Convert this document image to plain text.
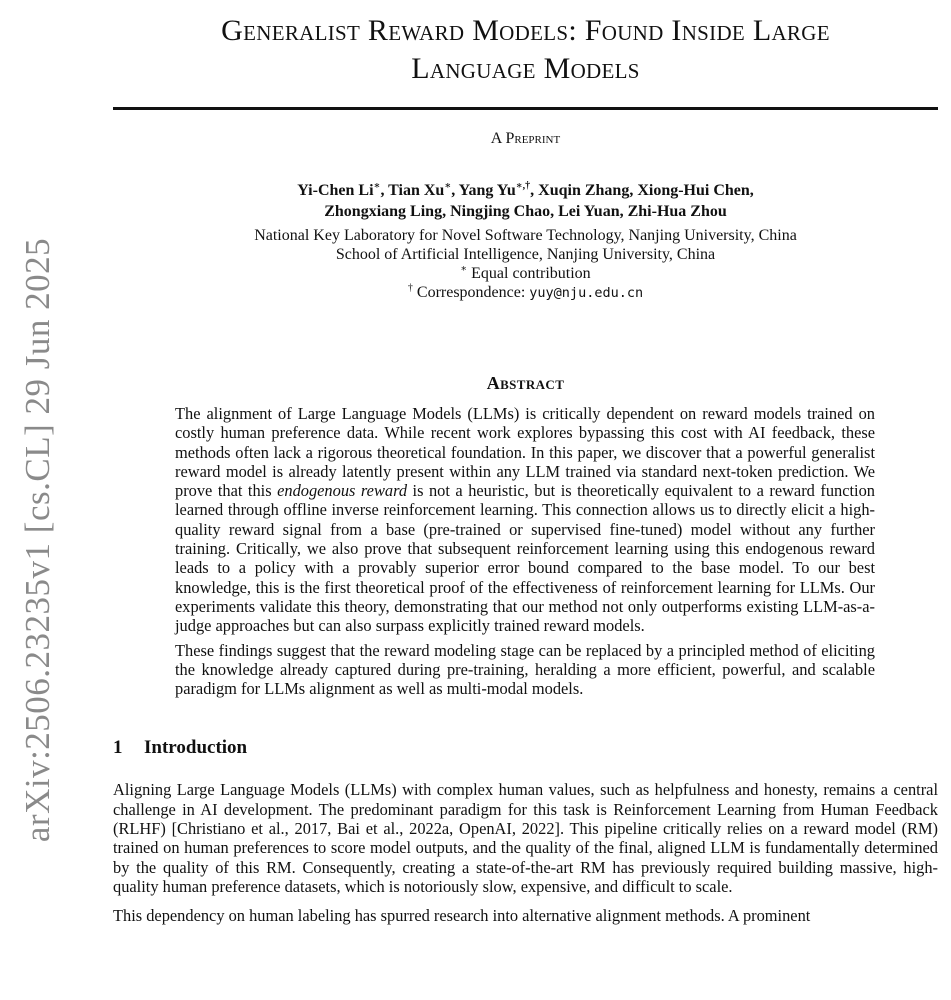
arXiv:2506.23235v1 [cs.CL] 29 Jun 2025
Generalist Reward Models: Found Inside Large
Language Models
A Preprint
Yi-Chen Li∗, Tian Xu∗, Yang Yu∗,†, Xuqin Zhang, Xiong-Hui Chen,
Zhongxiang Ling, Ningjing Chao, Lei Yuan, Zhi-Hua Zhou
National Key Laboratory for Novel Software Technology, Nanjing University, China
School of Artificial Intelligence, Nanjing University, China
∗ Equal contribution
† Correspondence: yuy@nju.edu.cn
Abstract

The alignment of Large Language Models (LLMs) is critically dependent on reward models trained on costly human preference data. While recent work explores bypassing this cost with AI feedback, these methods often lack a rigorous theoretical foundation. In this paper, we discover that a powerful generalist reward model is already latently present within any LLM trained via standard next-token prediction. We prove that this endogenous reward is not a heuristic, but is theoretically equivalent to a reward function learned through offline inverse reinforcement learning. This connection allows us to directly elicit a high-quality reward signal from a base (pre-trained or supervised fine-tuned) model without any further training. Critically, we also prove that subsequent reinforcement learning using this endogenous reward leads to a policy with a provably superior error bound compared to the base model. To our best knowledge, this is the first theoretical proof of the effectiveness of reinforcement learning for LLMs. Our experiments validate this theory, demonstrating that our method not only outperforms existing LLM-as-a-judge approaches but can also surpass explicitly trained reward models.

These findings suggest that the reward modeling stage can be replaced by a principled method of eliciting the knowledge already captured during pre-training, heralding a more efficient, powerful, and scalable paradigm for LLMs alignment as well as multi-modal models.

1 Introduction

Aligning Large Language Models (LLMs) with complex human values, such as helpfulness and honesty, remains a central challenge in AI development. The predominant paradigm for this task is Reinforcement Learning from Human Feedback (RLHF) [Christiano et al., 2017, Bai et al., 2022a, OpenAI, 2022]. This pipeline critically relies on a reward model (RM) trained on human preferences to score model outputs, and the quality of the final, aligned LLM is fundamentally determined by the quality of this RM. Consequently, creating a state-of-the-art RM has previously required building massive, high-quality human preference datasets, which is notoriously slow, expensive, and difficult to scale.

This dependency on human labeling has spurred research into alternative alignment methods. A prominent
